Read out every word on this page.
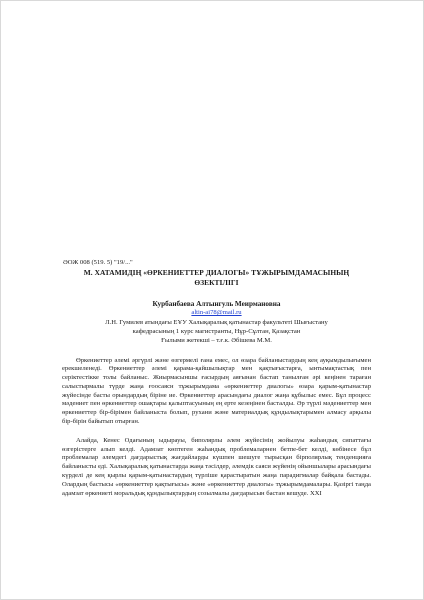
ӘОЖ 008 (519. 5) "19/..."
М. ХАТАМИДІҢ «ӨРКЕНИЕТТЕР ДИАЛОГЫ» ТҰЖЫРЫМДАМАСЫНЫҢ
ӨЗЕКТІЛІГІ
Курбанбаева Алтынгуль Меирмановна
altin-ai78@mail.ru
Л.Н. Гумилев атындағы ЕҰУ Халықаралық қатынастар факультеті Шығыстану
кафедрасының 1 курс магистранты, Нұр-Сұлтан, Қазақстан
Ғылыми жетекші – т.ғ.к. Әбішева М.М.

Өркениеттер әлемі әргүрлі және өзгермелі ғана емес, ол өзара байланыстардың кең ауқымдылығымен ерекшеленеді. Өркениеттер әлемі қарама-қайшылықтар мен қақтығыстарға, ынтымақтастық пен серіктестікке толы байланыс. Жиырмасыншы ғасырдың аяғынан бастап танылған әрі кеңінен тараған салыстырмалы түрде жаңа ғоосаясн тұжырымдама «өркениеттер диалогы» өзара қарым-қатынастар жүйесінде басты орындардың біріне ие. Өркениеттер арасындағы диалог жаңа құбылыс емес. Бұл процесс мәдениет пен өркениеттер ошақтары қалыптасуының ең ерте кезеңінен басталды. Әр түрлі мәдениеттер мен өркениеттер бір-бірімен байланыста болып, рухани және материалдық құндылықтарымен алмасу арқылы бір-бірін байытып отырған.

Алайда, Кенес Одағының ыдырауы, биполярлы әлем жүйесінің жойылуы жаһандық сипаттағы өзгерістерге алып келді. Адамзат көптеген жаһандық проблемаларнен бетпе-бет келді, көбінесе бұл проблемалар әлемдегі дағдарыстық жағдайларды күшпен шешуге тырысқан бірполярлық тенденцияға байланысты еді. Халықаралық қатынастарда жаңа тәсілдер, әлемдік саяси жүйенің ойыншылары арасындағы күрделі де кең қырлы қарым-қатынастардың түрліше қарастыратын жаңа парадигмалар байқала бастады. Олардың бастысы «өркениеттер қақтығысы» және «өркениеттер диалогы» тұжырымдамалары. Қазіргі таңда адамзат өркениеті моральдық құндылықтардың созылмалы дағдарысын бастан кешуде. XXI
